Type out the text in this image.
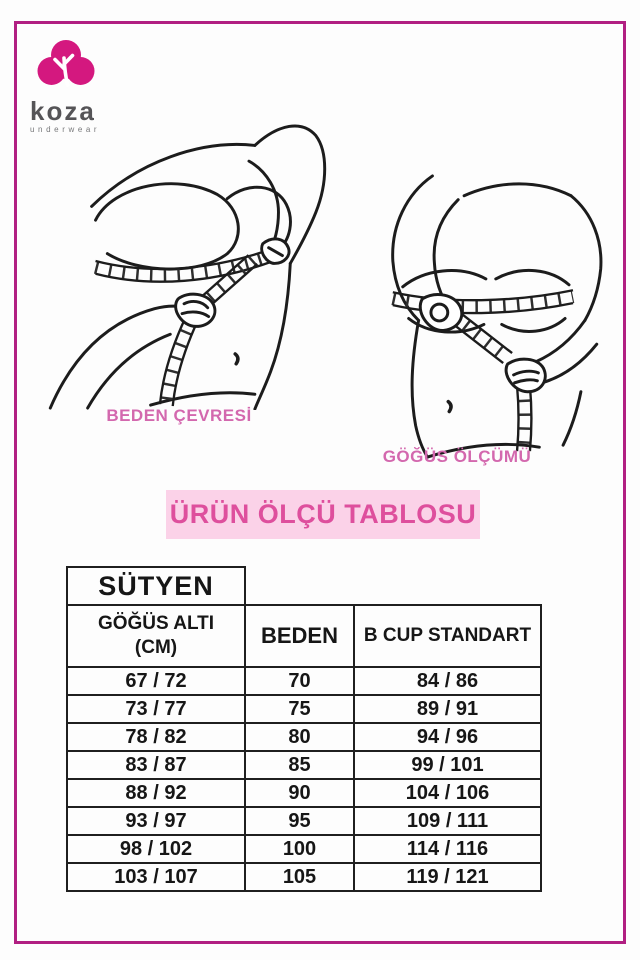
koza
underwear
BEDEN ÇEVRESİ
GÖĞÜS ÖLÇÜMÜ
ÜRÜN ÖLÇÜ TABLOSU
SÜTYEN		

GÖĞÜS ALTI
(CM)	BEDEN	B CUP STANDART
67 / 72	70	84 / 86
73 / 77	75	89 / 91
78 / 82	80	94 / 96
83 / 87	85	99 / 101
88 / 92	90	104 / 106
93 / 97	95	109 / 111
98 / 102	100	114 / 116
103 / 107	105	119 / 121
